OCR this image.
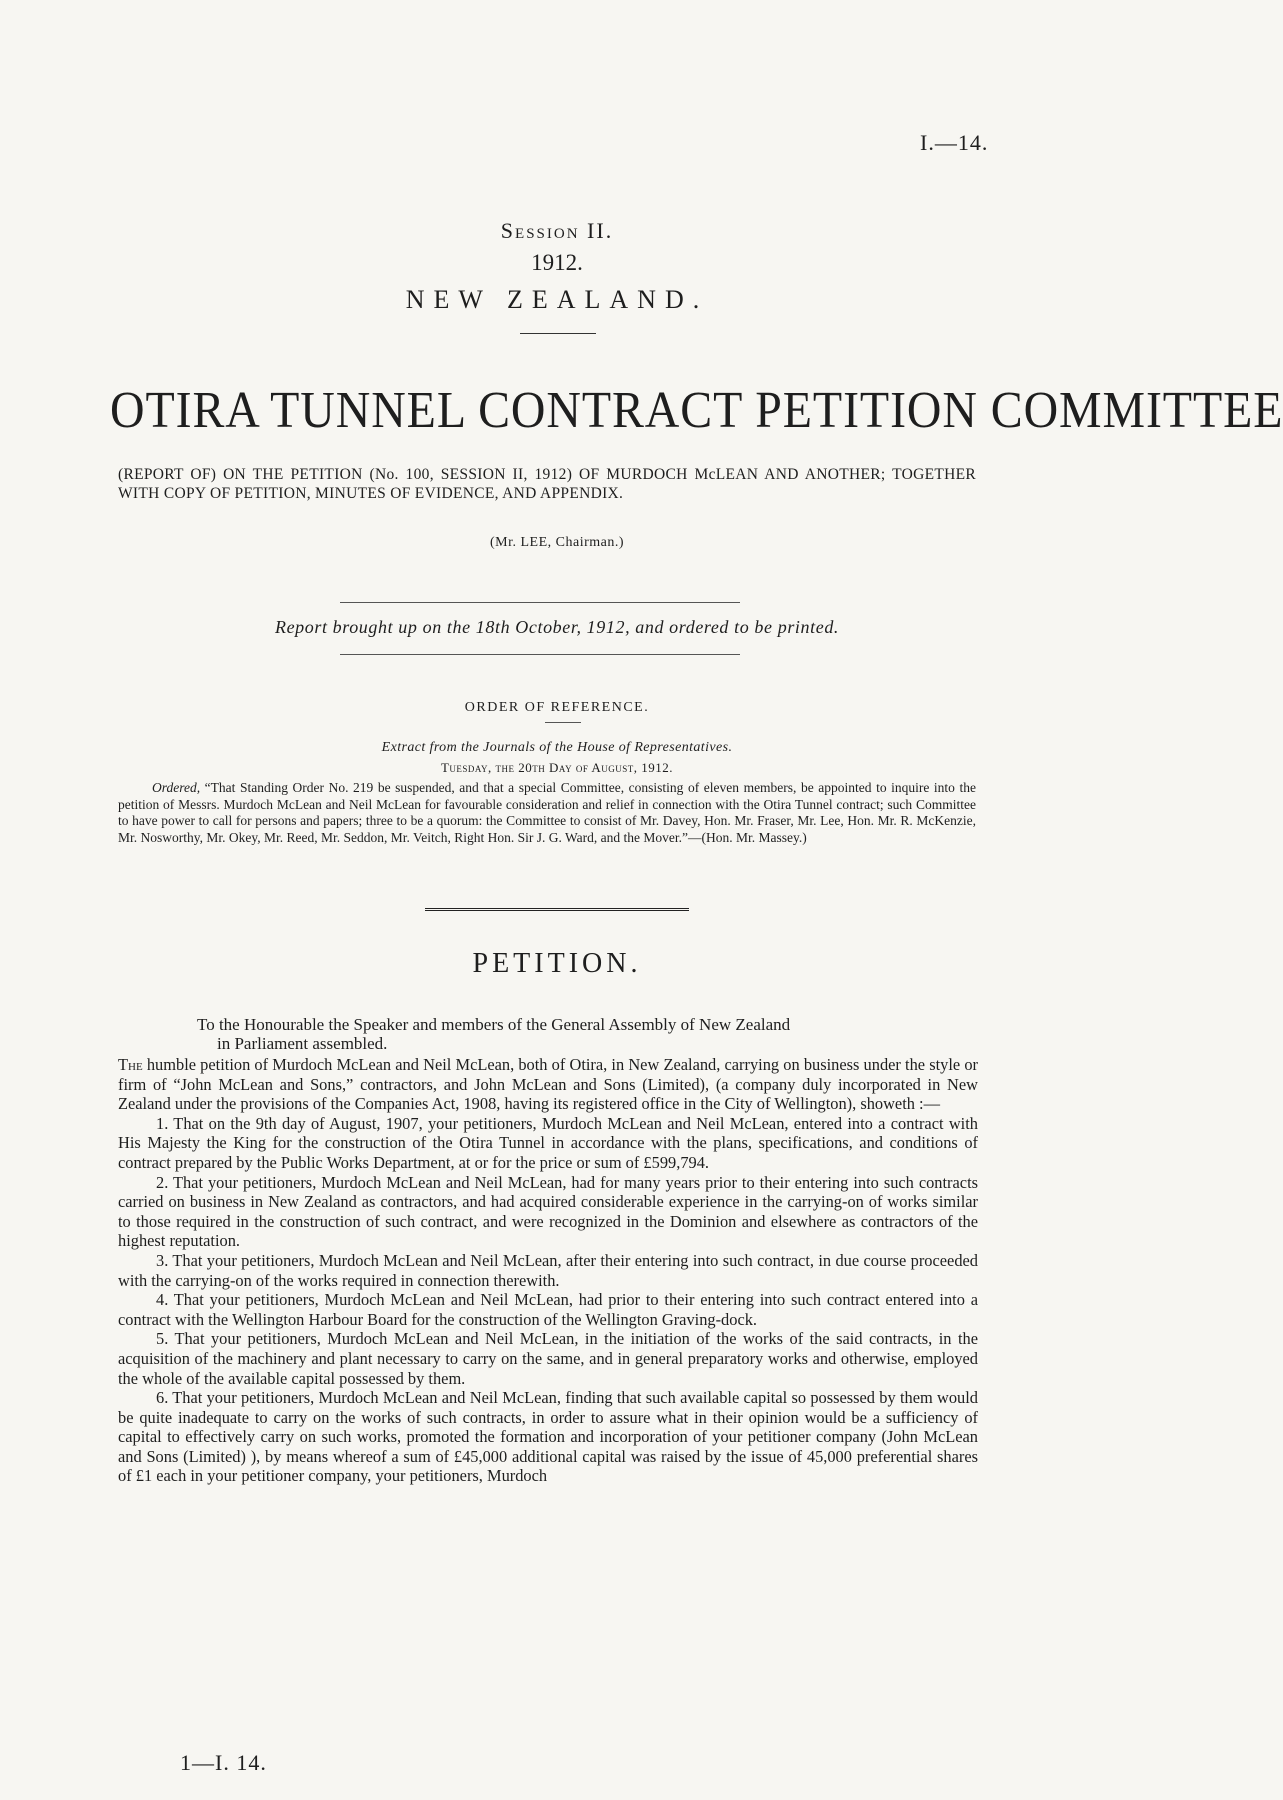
I.—14.
Session II.
1912.
NEW ZEALAND.
OTIRA TUNNEL CONTRACT PETITION COMMITTEE
(REPORT OF) ON THE PETITION (No. 100, SESSION II, 1912) OF MURDOCH McLEAN AND ANOTHER; TOGETHER WITH COPY OF PETITION, MINUTES OF EVIDENCE, AND APPENDIX.
(Mr. LEE, Chairman.)
Report brought up on the 18th October, 1912, and ordered to be printed.
ORDER OF REFERENCE.
Extract from the Journals of the House of Representatives.
Tuesday, the 20th Day of August, 1912.
Ordered, “That Standing Order No. 219 be suspended, and that a special Committee, consisting of eleven members, be appointed to inquire into the petition of Messrs. Murdoch McLean and Neil McLean for favourable consideration and relief in connection with the Otira Tunnel contract; such Committee to have power to call for persons and papers; three to be a quorum: the Committee to consist of Mr. Davey, Hon. Mr. Fraser, Mr. Lee, Hon. Mr. R. McKenzie, Mr. Nosworthy, Mr. Okey, Mr. Reed, Mr. Seddon, Mr. Veitch, Right Hon. Sir J. G. Ward, and the Mover.”—(Hon. Mr. Massey.)
PETITION.
To the Honourable the Speaker and members of the General Assembly of New Zealand
in Parliament assembled.

The humble petition of Murdoch McLean and Neil McLean, both of Otira, in New Zealand, carrying on business under the style or firm of “John McLean and Sons,” contractors, and John McLean and Sons (Limited), (a company duly incorporated in New Zealand under the provisions of the Companies Act, 1908, having its registered office in the City of Wellington), showeth :—

1. That on the 9th day of August, 1907, your petitioners, Murdoch McLean and Neil McLean, entered into a contract with His Majesty the King for the construction of the Otira Tunnel in accordance with the plans, specifications, and conditions of contract prepared by the Public Works Department, at or for the price or sum of £599,794.

2. That your petitioners, Murdoch McLean and Neil McLean, had for many years prior to their entering into such contracts carried on business in New Zealand as contractors, and had acquired considerable experience in the carrying-on of works similar to those required in the construction of such contract, and were recognized in the Dominion and elsewhere as contractors of the highest reputation.

3. That your petitioners, Murdoch McLean and Neil McLean, after their entering into such contract, in due course proceeded with the carrying-on of the works required in connection therewith.

4. That your petitioners, Murdoch McLean and Neil McLean, had prior to their entering into such contract entered into a contract with the Wellington Harbour Board for the construction of the Wellington Graving-dock.

5. That your petitioners, Murdoch McLean and Neil McLean, in the initiation of the works of the said contracts, in the acquisition of the machinery and plant necessary to carry on the same, and in general preparatory works and otherwise, employed the whole of the available capital possessed by them.

6. That your petitioners, Murdoch McLean and Neil McLean, finding that such available capital so possessed by them would be quite inadequate to carry on the works of such contracts, in order to assure what in their opinion would be a sufficiency of capital to effectively carry on such works, promoted the formation and incorporation of your petitioner company (John McLean and Sons (Limited) ), by means whereof a sum of £45,000 additional capital was raised by the issue of 45,000 preferential shares of £1 each in your petitioner company, your petitioners, Murdoch

1—I. 14.
